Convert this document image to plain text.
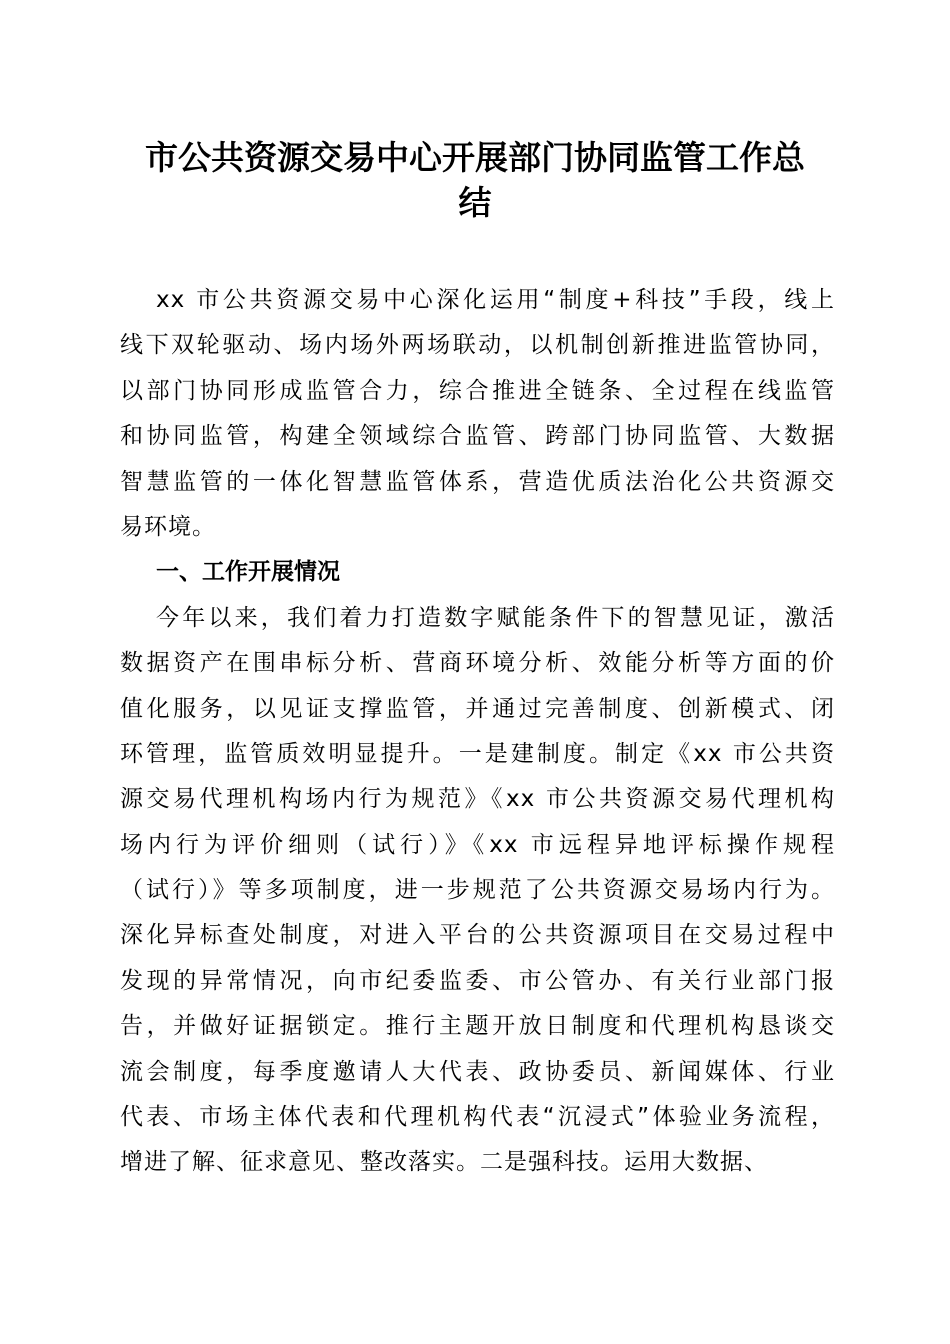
市公共资源交易中心开展部门协同监管工作总
结
xx 市公共资源交易中心深化运用“制度+科技”手段，线上
线下双轮驱动、场内场外两场联动，以机制创新推进监管协同，
以部门协同形成监管合力，综合推进全链条、全过程在线监管
和协同监管，构建全领域综合监管、跨部门协同监管、大数据
智慧监管的一体化智慧监管体系，营造优质法治化公共资源交
易环境。
一、工作开展情况
今年以来，我们着力打造数字赋能条件下的智慧见证，激活
数据资产在围串标分析、营商环境分析、效能分析等方面的价
值化服务，以见证支撑监管，并通过完善制度、创新模式、闭
环管理，监管质效明显提升。一是建制度。制定《xx 市公共资
源交易代理机构场内行为规范》《xx 市公共资源交易代理机构
场内行为评价细则（试行）》《xx 市远程异地评标操作规程
（试行）》等多项制度，进一步规范了公共资源交易场内行为。
深化异标查处制度，对进入平台的公共资源项目在交易过程中
发现的异常情况，向市纪委监委、市公管办、有关行业部门报
告，并做好证据锁定。推行主题开放日制度和代理机构恳谈交
流会制度，每季度邀请人大代表、政协委员、新闻媒体、行业
代表、市场主体代表和代理机构代表“沉浸式”体验业务流程，
增进了解、征求意见、整改落实。二是强科技。运用大数据、
